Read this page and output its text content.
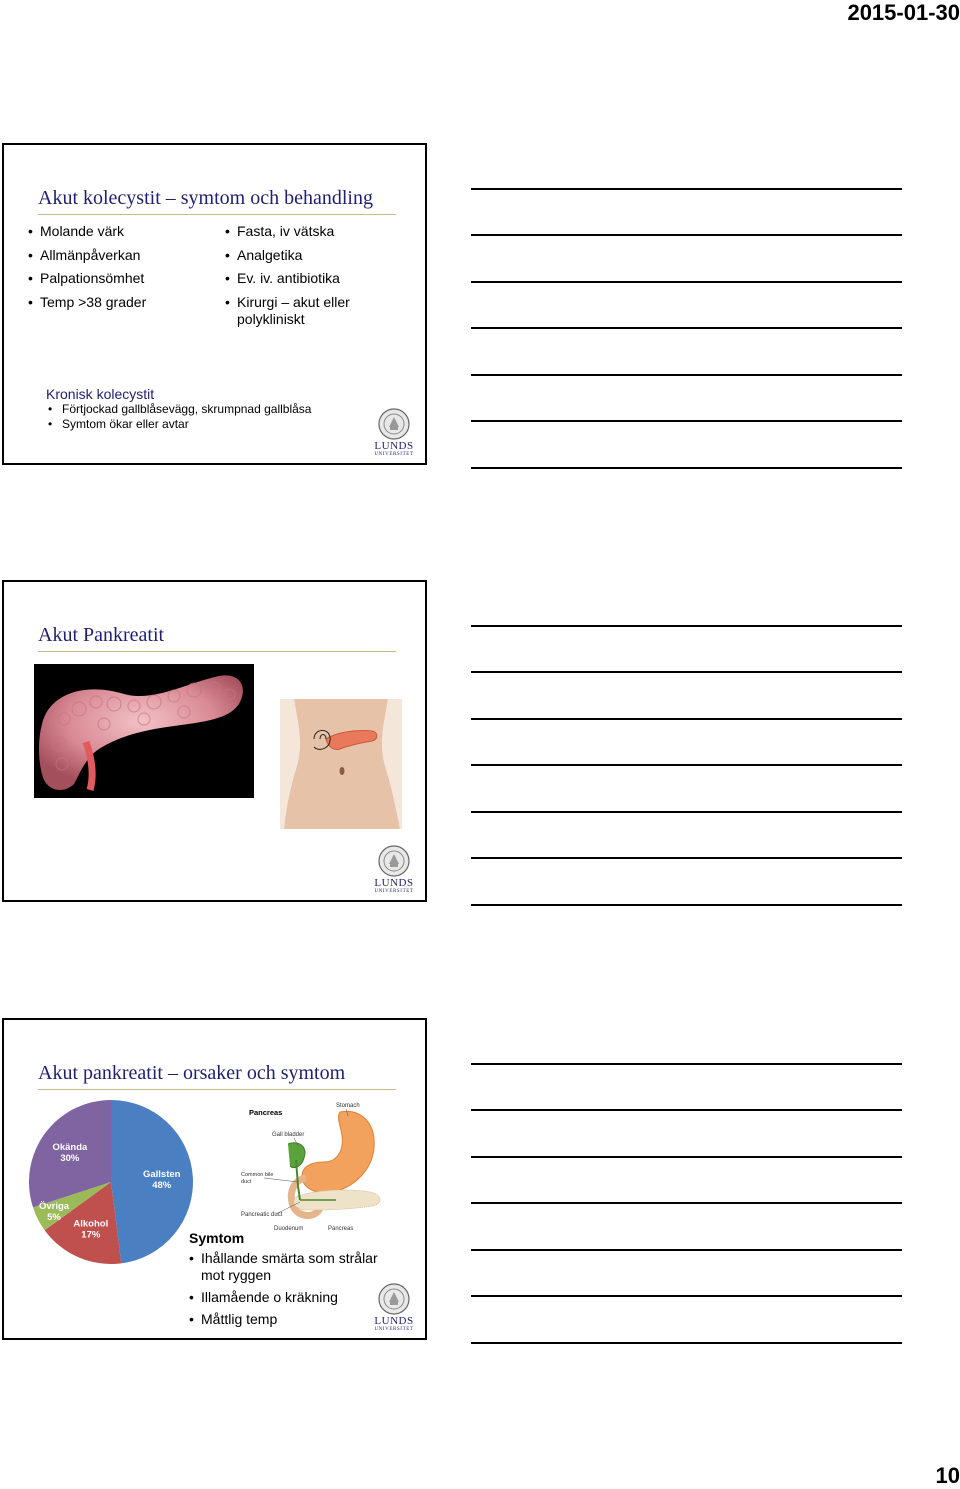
2015-01-30
Akut kolecystit – symtom och behandling
• Molande värk
• Allmänpåverkan
• Palpationsömhet
• Temp >38 grader
• Fasta, iv vätska
• Analgetika
• Ev. iv. antibiotika
• Kirurgi – akut eller polykliniskt
Kronisk kolecystit
• Förtjockad gallblåsevägg, skrumpnad gallblåsa
• Symtom ökar eller avtar
LUNDS
UNIVERSITET
Akut Pankreatit
LUNDS
UNIVERSITET
Akut pankreatit – orsaker och symtom
Gallsten
48%
Alkohol
17%
Övriga
5%
Okända
30%
Pancreas
Stomach
Gall bladder
Common bile
duct
Pancreatic duct
Duodenum	Pancreas
Symtom
• Ihållande smärta som strålar mot ryggen
• Illamående o kräkning
• Måttlig temp	LUNDS
UNIVERSITET
10
